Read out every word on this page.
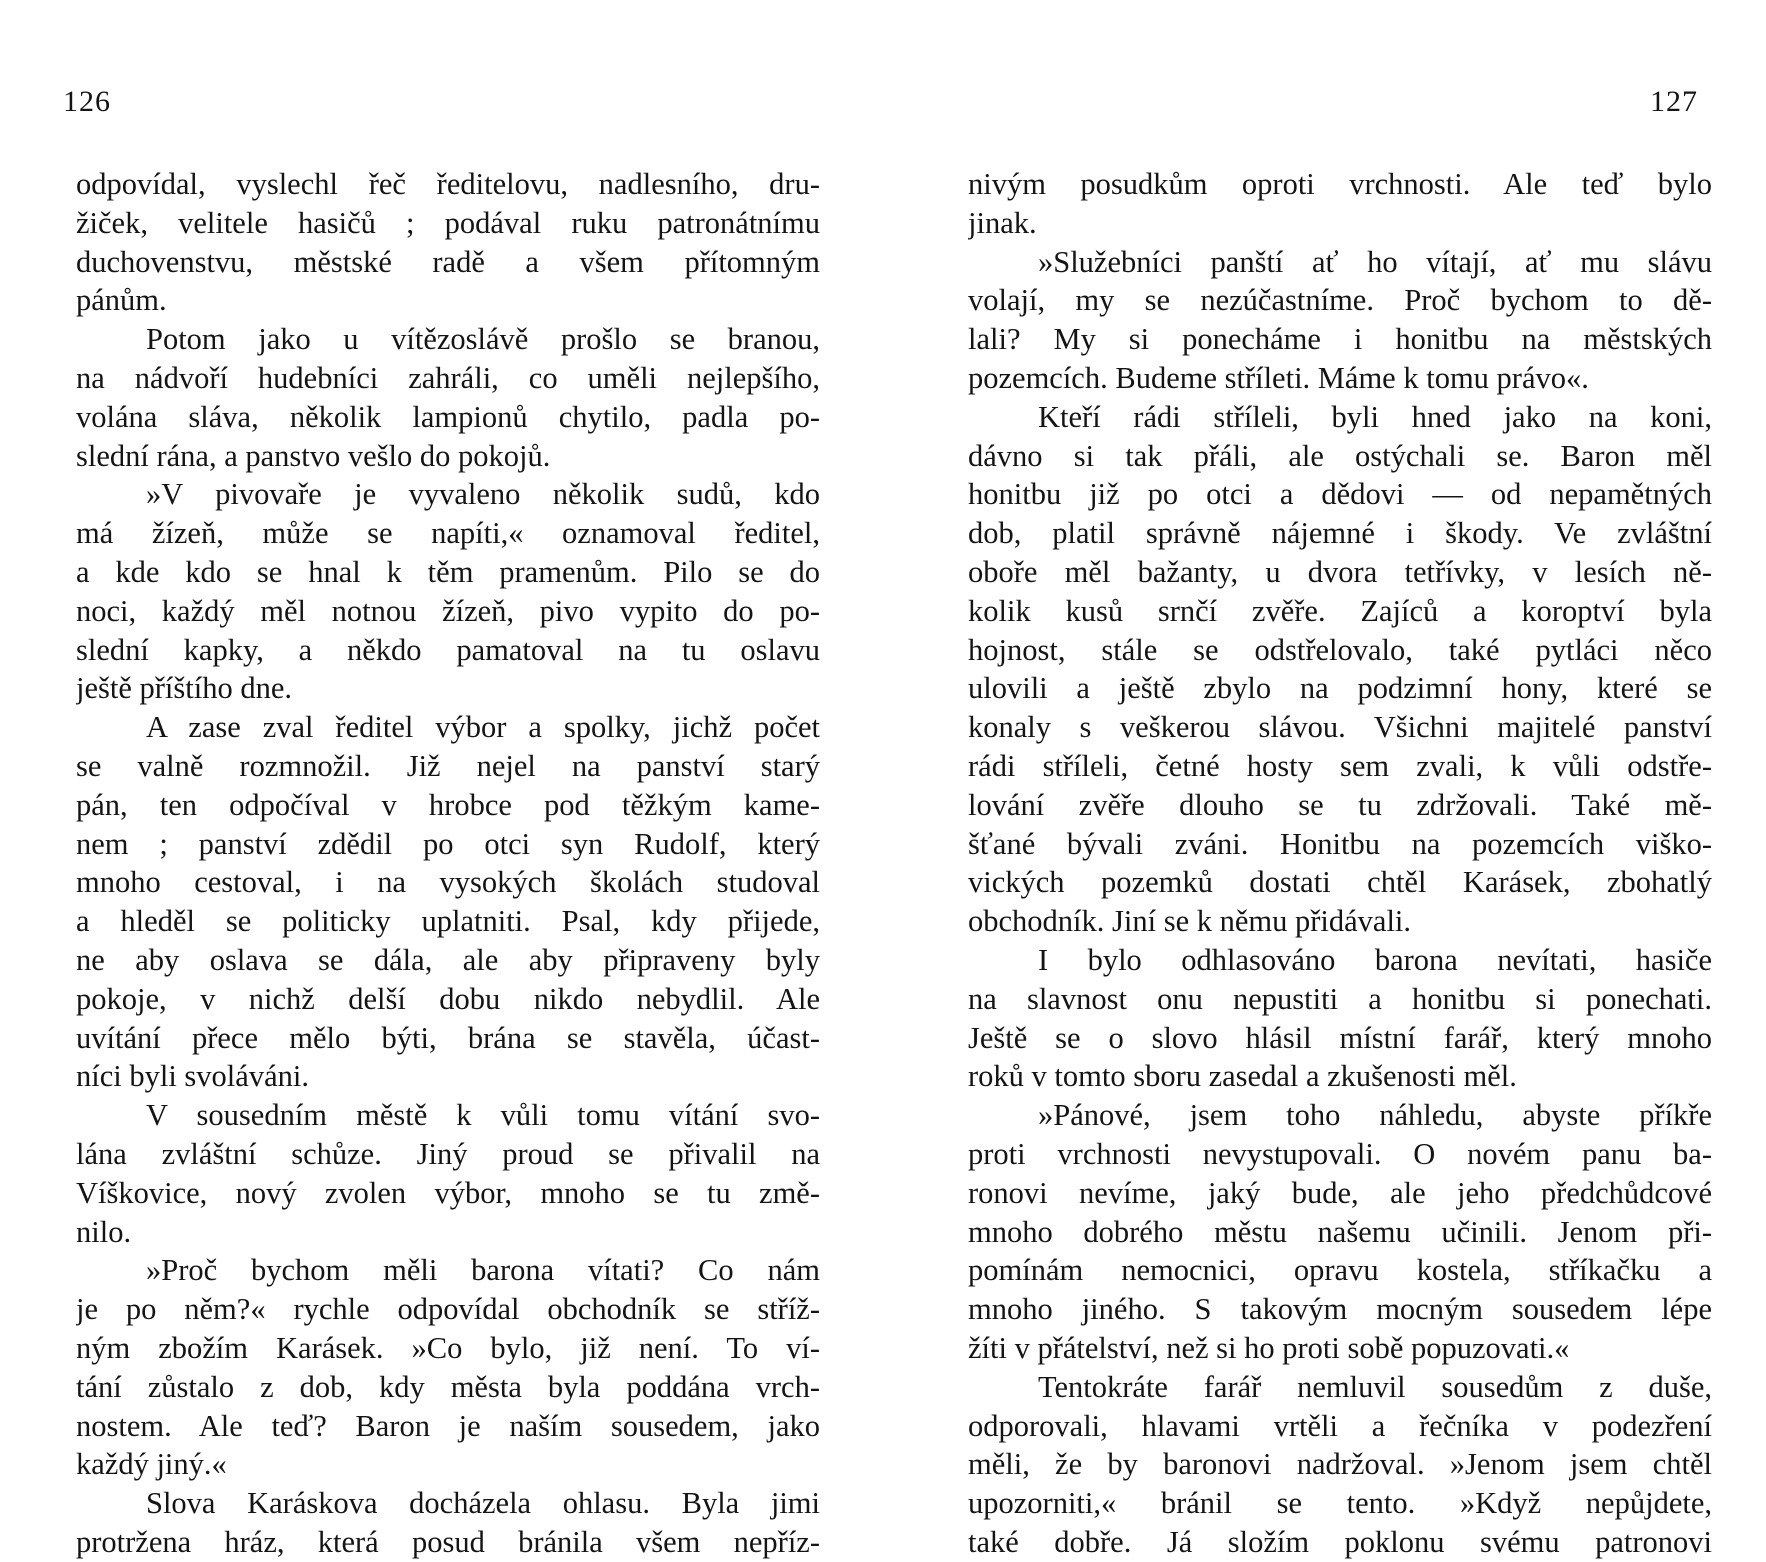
126
odpovídal, vyslechl řeč ředitelovu, nadlesního, dru-
žiček, velitele hasičů ; podával ruku patronátnímu
duchovenstvu, městské radě a všem přítomným
pánům.
Potom jako u vítězoslávě prošlo se branou,
na nádvoří hudebníci zahráli, co uměli nejlepšího,
volána sláva, několik lampionů chytilo, padla po-
slední rána, a panstvo vešlo do pokojů.
»V pivovaře je vyvaleno několik sudů, kdo
má žízeň, může se napíti,« oznamoval ředitel,
a kde kdo se hnal k těm pramenům. Pilo se do
noci, každý měl notnou žízeň, pivo vypito do po-
slední kapky, a někdo pamatoval na tu oslavu
ještě příštího dne.
A zase zval ředitel výbor a spolky, jichž počet
se valně rozmnožil. Již nejel na panství starý
pán, ten odpočíval v hrobce pod těžkým kame-
nem ; panství zdědil po otci syn Rudolf, který
mnoho cestoval, i na vysokých školách studoval
a hleděl se politicky uplatniti. Psal, kdy přijede,
ne aby oslava se dála, ale aby připraveny byly
pokoje, v nichž delší dobu nikdo nebydlil. Ale
uvítání přece mělo býti, brána se stavěla, účast-
níci byli svoláváni.
V sousedním městě k vůli tomu vítání svo-
lána zvláštní schůze. Jiný proud se přivalil na
Víškovice, nový zvolen výbor, mnoho se tu změ-
nilo.
»Proč bychom měli barona vítati? Co nám
je po něm?« rychle odpovídal obchodník se stříž-
ným zbožím Karásek. »Co bylo, již není. To ví-
tání zůstalo z dob, kdy města byla poddána vrch-
nostem. Ale teď? Baron je naším sousedem, jako
každý jiný.«
Slova Karáskova docházela ohlasu. Byla jimi
protržena hráz, která posud bránila všem nepříz-
127
nivým posudkům oproti vrchnosti. Ale teď bylo
jinak.
»Služebníci panští ať ho vítají, ať mu slávu
volají, my se nezúčastníme. Proč bychom to dě-
lali? My si ponecháme i honitbu na městských
pozemcích. Budeme stříleti. Máme k tomu právo«.
Kteří rádi stříleli, byli hned jako na koni,
dávno si tak přáli, ale ostýchali se. Baron měl
honitbu již po otci a dědovi — od nepamětných
dob, platil správně nájemné i škody. Ve zvláštní
oboře měl bažanty, u dvora tetřívky, v lesích ně-
kolik kusů srnčí zvěře. Zajíců a koroptví byla
hojnost, stále se odstřelovalo, také pytláci něco
ulovili a ještě zbylo na podzimní hony, které se
konaly s veškerou slávou. Všichni majitelé panství
rádi stříleli, četné hosty sem zvali, k vůli odstře-
lování zvěře dlouho se tu zdržovali. Také mě-
šťané bývali zváni. Honitbu na pozemcích viško-
vických pozemků dostati chtěl Karásek, zbohatlý
obchodník. Jiní se k němu přidávali.
I bylo odhlasováno barona nevítati, hasiče
na slavnost onu nepustiti a honitbu si ponechati.
Ještě se o slovo hlásil místní farář, který mnoho
roků v tomto sboru zasedal a zkušenosti měl.
»Pánové, jsem toho náhledu, abyste příkře
proti vrchnosti nevystupovali. O novém panu ba-
ronovi nevíme, jaký bude, ale jeho předchůdcové
mnoho dobrého městu našemu učinili. Jenom při-
pomínám nemocnici, opravu kostela, stříkačku a
mnoho jiného. S takovým mocným sousedem lépe
žíti v přátelství, než si ho proti sobě popuzovati.«
Tentokráte farář nemluvil sousedům z duše,
odporovali, hlavami vrtěli a řečníka v podezření
měli, že by baronovi nadržoval. »Jenom jsem chtěl
upozorniti,« bránil se tento. »Když nepůjdete,
také dobře. Já složím poklonu svému patronovi
